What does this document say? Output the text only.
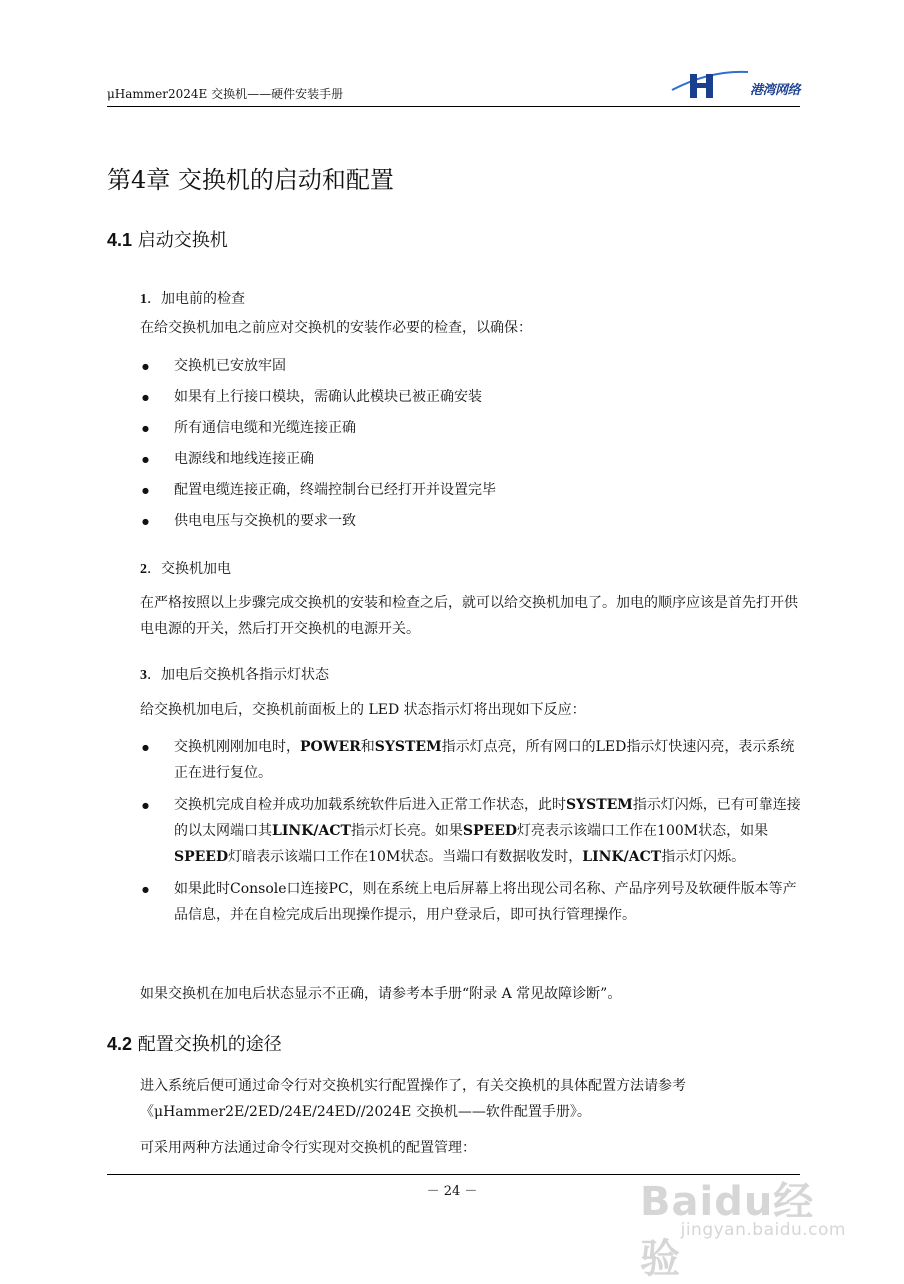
μHammer2024E 交换机——硬件安装手册	港湾网络
第4章 交换机的启动和配置
4.1 启动交换机
1．加电前的检查
在给交换机加电之前应对交换机的安装作必要的检查，以确保：
● 交换机已安放牢固
● 如果有上行接口模块，需确认此模块已被正确安装
● 所有通信电缆和光缆连接正确
● 电源线和地线连接正确
● 配置电缆连接正确，终端控制台已经打开并设置完毕
● 供电电压与交换机的要求一致
2．交换机加电
在严格按照以上步骤完成交换机的安装和检查之后，就可以给交换机加电了。加电的顺序应该是首先打开供电电源的开关，然后打开交换机的电源开关。
3．加电后交换机各指示灯状态
给交换机加电后，交换机前面板上的 LED 状态指示灯将出现如下反应：
● 交换机刚刚加电时，POWER和SYSTEM指示灯点亮，所有网口的LED指示灯快速闪亮，表示系统正在进行复位。
● 交换机完成自检并成功加载系统软件后进入正常工作状态，此时SYSTEM指示灯闪烁，已有可靠连接的以太网端口其LINK/ACT指示灯长亮。如果SPEED灯亮表示该端口工作在100M状态，如果SPEED灯暗表示该端口工作在10M状态。当端口有数据收发时，LINK/ACT指示灯闪烁。
● 如果此时Console口连接PC，则在系统上电后屏幕上将出现公司名称、产品序列号及软硬件版本等产品信息，并在自检完成后出现操作提示，用户登录后，即可执行管理操作。
如果交换机在加电后状态显示不正确，请参考本手册“附录 A 常见故障诊断”。
4.2 配置交换机的途径
进入系统后便可通过命令行对交换机实行配置操作了，有关交换机的具体配置方法请参考《μHammer2E/2ED/24E/24ED//2024E 交换机——软件配置手册》。
可采用两种方法通过命令行实现对交换机的配置管理：
－ 24 －	Baidu经验
jingyan.baidu.com
